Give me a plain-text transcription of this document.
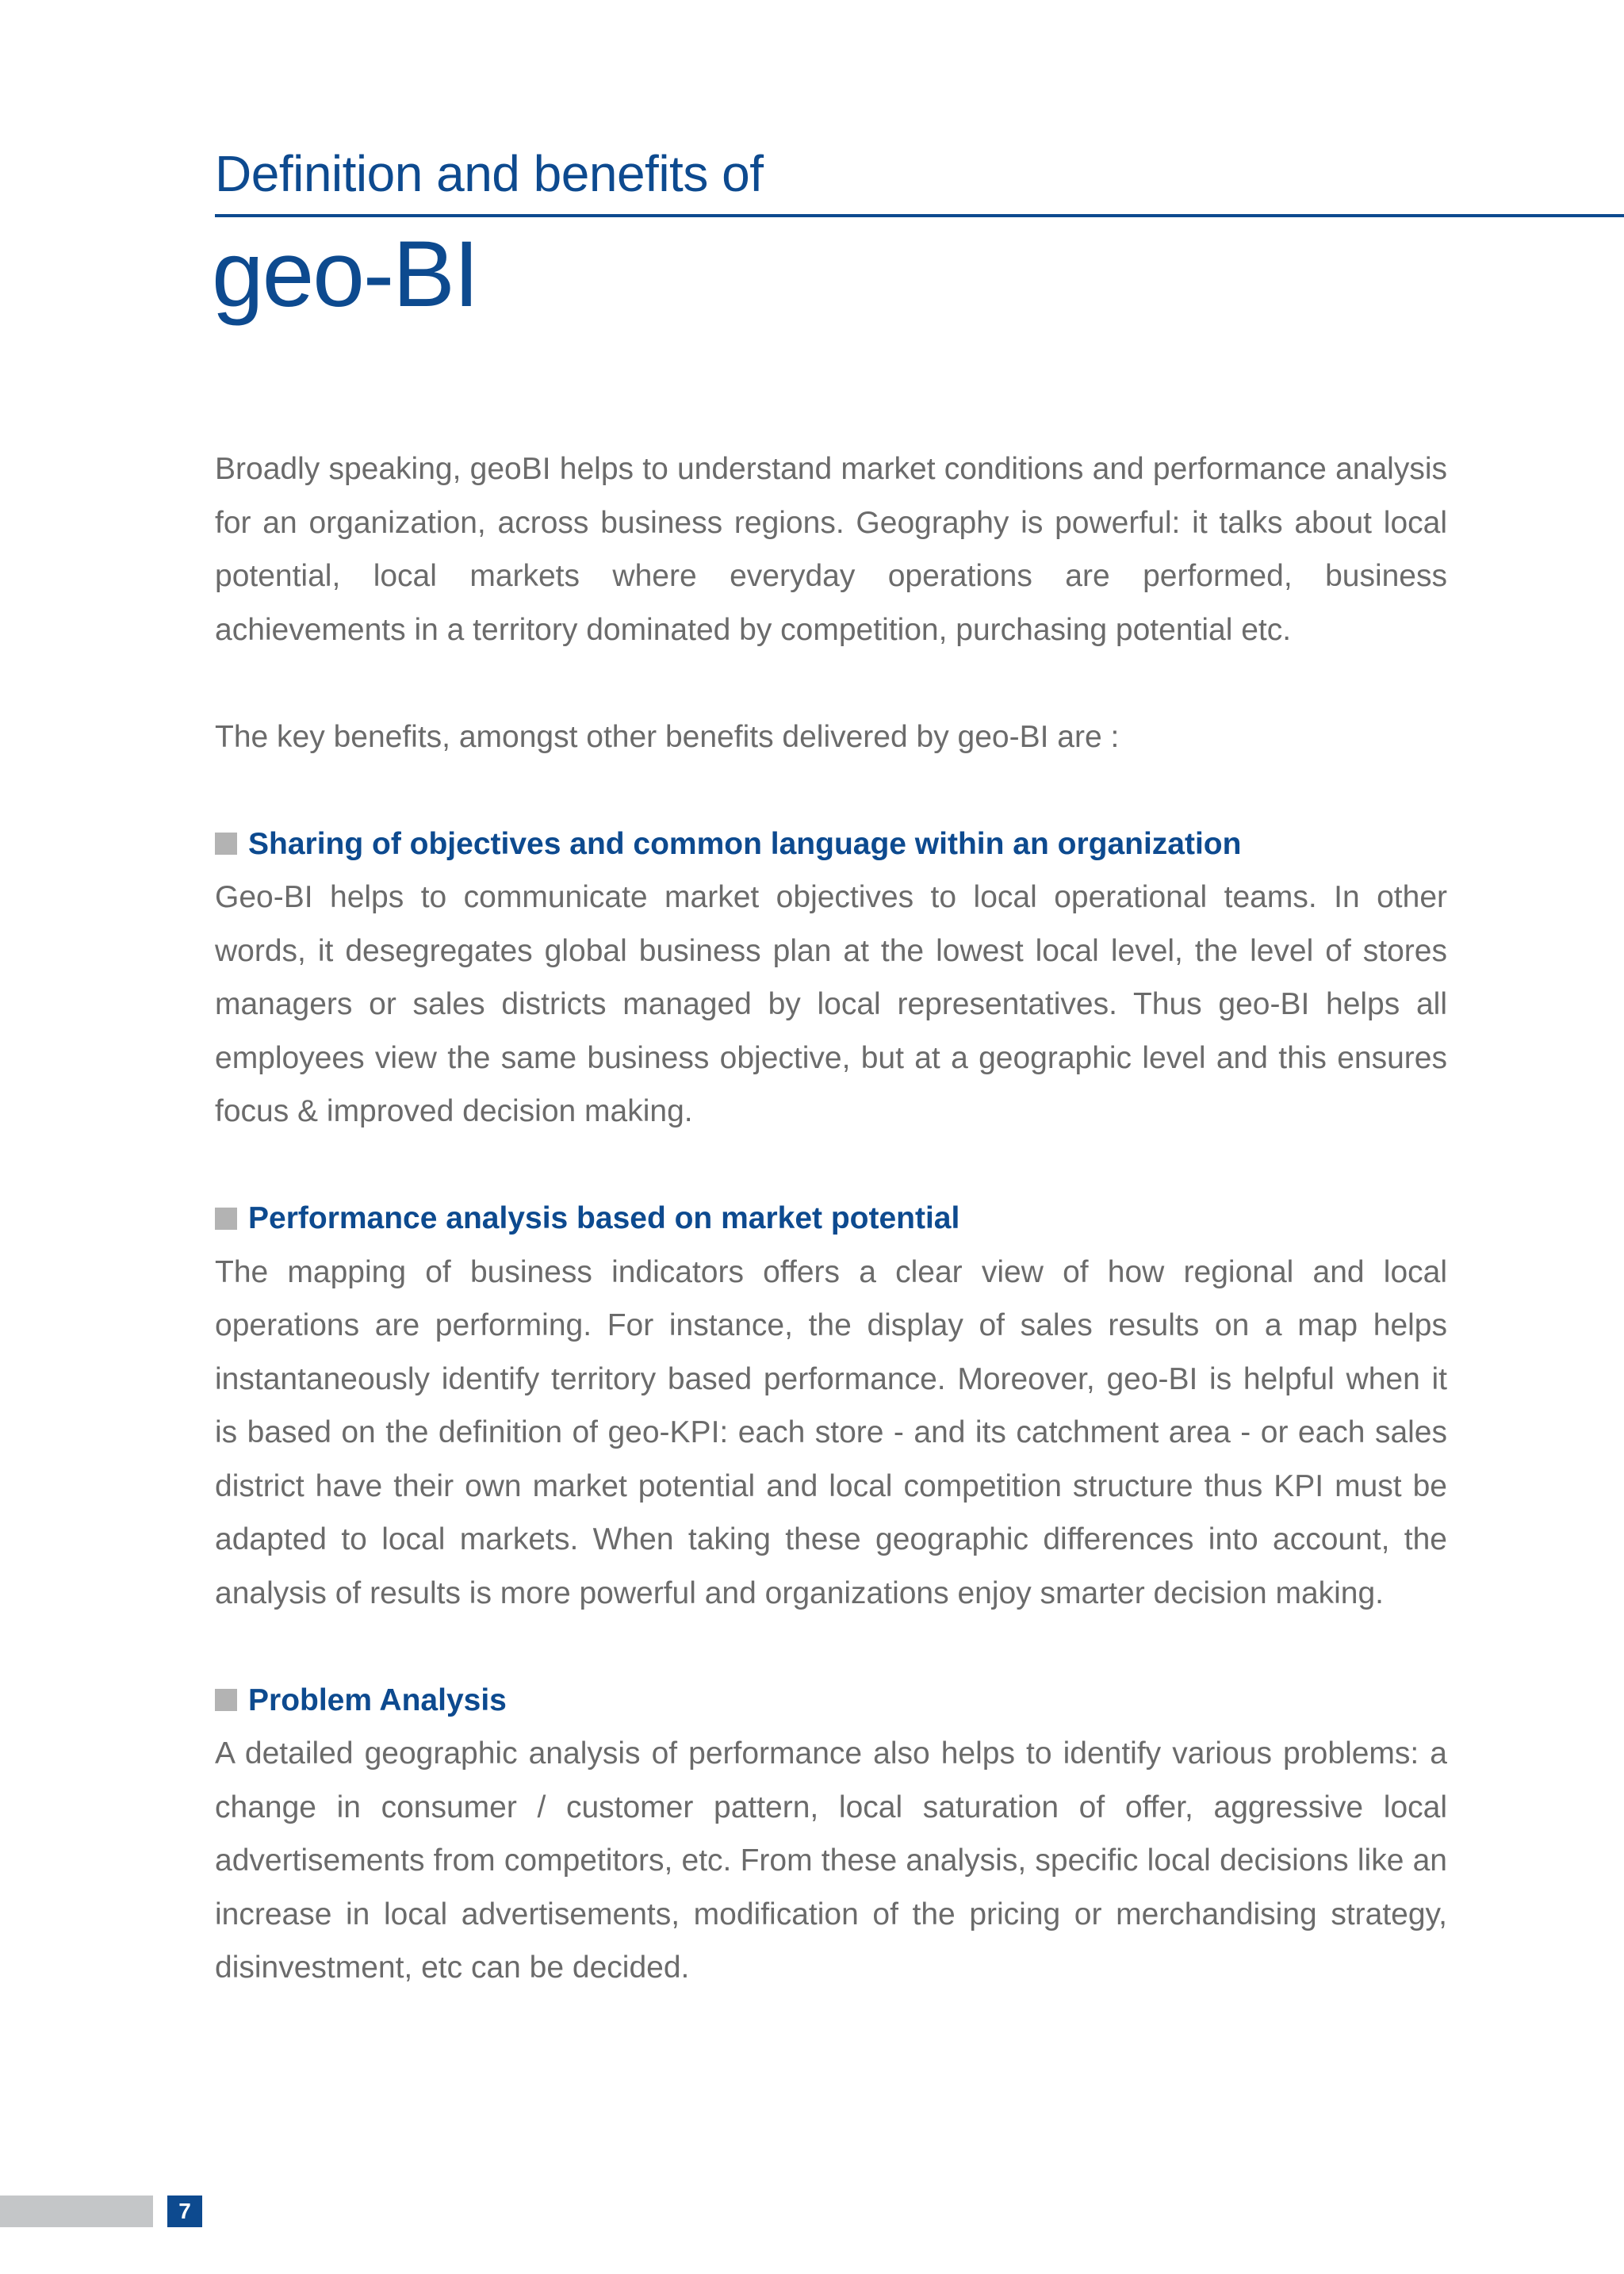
Definition and benefits of
geo-BI

Broadly speaking, geoBI helps to understand market conditions and performance analysis for an organization, across business regions. Geography is powerful: it talks about local potential, local markets where everyday operations are performed, business achievements in a territory dominated by competition, purchasing potential etc.

The key benefits, amongst other benefits delivered by geo-BI are :

Sharing of objectives and common language within an organization

Geo-BI helps to communicate market objectives to local operational teams. In other words, it desegregates global business plan at the lowest local level, the level of stores managers or sales districts managed by local representatives. Thus geo-BI helps all employees view the same business objective, but at a geographic level and this ensures focus & improved decision making.

Performance analysis based on market potential

The mapping of business indicators offers a clear view of how regional and local operations are performing. For instance, the display of sales results on a map helps instantaneously identify territory based performance. Moreover, geo-BI is helpful when it is based on the definition of geo-KPI: each store - and its catchment area - or each sales district have their own market potential and local competition structure thus KPI must be adapted to local markets. When taking these geographic differences into account, the analysis of results is more powerful and organizations enjoy smarter decision making.

Problem Analysis

A detailed geographic analysis of performance also helps to identify various problems: a change in consumer / customer pattern, local saturation of offer, aggressive local advertisements from competitors, etc. From these analysis, specific local decisions like an increase in local advertisements, modification of the pricing or merchandising strategy, disinvestment, etc can be decided.

7
